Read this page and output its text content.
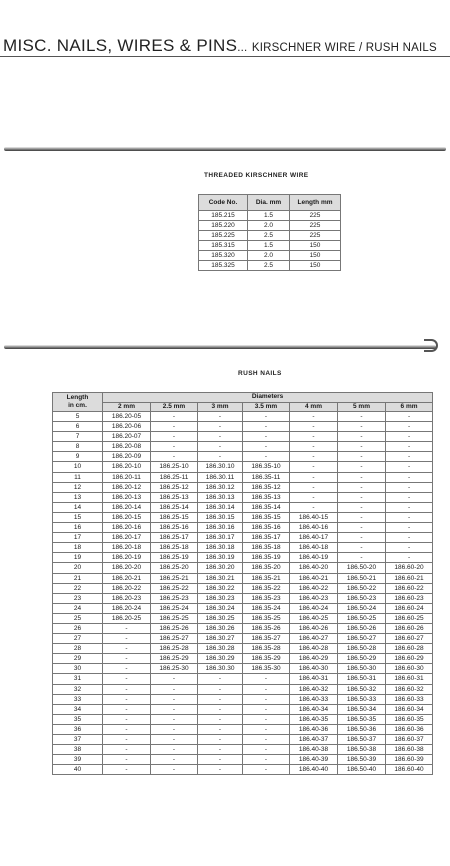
MISC. NAILS, WIRES & PINS... KIRSCHNER WIRE / RUSH NAILS
THREADED KIRSCHNER WIRE
Code No.	Dia. mm	Length mm
185.215	1.5	225
185.220	2.0	225
185.225	2.5	225
185.315	1.5	150
185.320	2.0	150
185.325	2.5	150
RUSH NAILS
Length
in cm.	Diameters						
	2 mm	2.5 mm	3 mm	3.5 mm	4 mm	5 mm	6 mm
5	186.20-05	-	-	-	-	-	-
6	186.20-06	-	-	-	-	-	-
7	186.20-07	-	-	-	-	-	-
8	186.20-08	-	-	-	-	-	-
9	186.20-09	-	-	-	-	-	-
10	186.20-10	186.25-10	186.30.10	186.35-10	-	-	-
11	186.20-11	186.25-11	186.30.11	186.35-11	-	-	-
12	186.20-12	186.25-12	186.30.12	186.35-12	-	-	-
13	186.20-13	186.25-13	186.30.13	186.35-13	-	-	-
14	186.20-14	186.25-14	186.30.14	186.35-14	-	-	-
15	186.20-15	186.25-15	186.30.15	186.35-15	186.40-15	-	-
16	186.20-16	186.25-16	186.30.16	186.35-16	186.40-16	-	-
17	186.20-17	186.25-17	186.30.17	186.35-17	186.40-17	-	-
18	186.20-18	186.25-18	186.30.18	186.35-18	186.40-18	-	-
19	186.20-19	186.25-19	186.30.19	186.35-19	186.40-19	-	-
20	186.20-20	186.25-20	186.30.20	186.35-20	186.40-20	186.50-20	186.60-20
21	186.20-21	186.25-21	186.30.21	186.35-21	186.40-21	186.50-21	186.60-21
22	186.20-22	186.25-22	186.30.22	186.35-22	186.40-22	186.50-22	186.60-22
23	186.20-23	186.25-23	186.30.23	186.35-23	186.40-23	186.50-23	186.60-23
24	186.20-24	186.25-24	186.30.24	186.35-24	186.40-24	186.50-24	186.60-24
25	186.20-25	186.25-25	186.30.25	186.35-25	186.40-25	186.50-25	186.60-25
26	-	186.25-26	186.30.26	186.35-26	186.40-26	186.50-26	186.60-26
27	-	186.25-27	186.30.27	186.35-27	186.40-27	186.50-27	186.60-27
28	-	186.25-28	186.30.28	186.35-28	186.40-28	186.50-28	186.60-28
29	-	186.25-29	186.30.29	186.35-29	186.40-29	186.50-29	186.60-29
30	-	186.25-30	186.30.30	186.35-30	186.40-30	186.50-30	186.60-30
31	-	-	-	-	186.40-31	186.50-31	186.60-31
32	-	-	-	-	186.40-32	186.50-32	186.60-32
33	-	-	-	-	186.40-33	186.50-33	186.60-33
34	-	-	-	-	186.40-34	186.50-34	186.60-34
35	-	-	-	-	186.40-35	186.50-35	186.60-35
36	-	-	-	-	186.40-36	186.50-36	186.60-36
37	-	-	-	-	186.40-37	186.50-37	186.60-37
38	-	-	-	-	186.40-38	186.50-38	186.60-38
39	-	-	-	-	186.40-39	186.50-39	186.60-39
40	-	-	-	-	186.40-40	186.50-40	186.60-40
